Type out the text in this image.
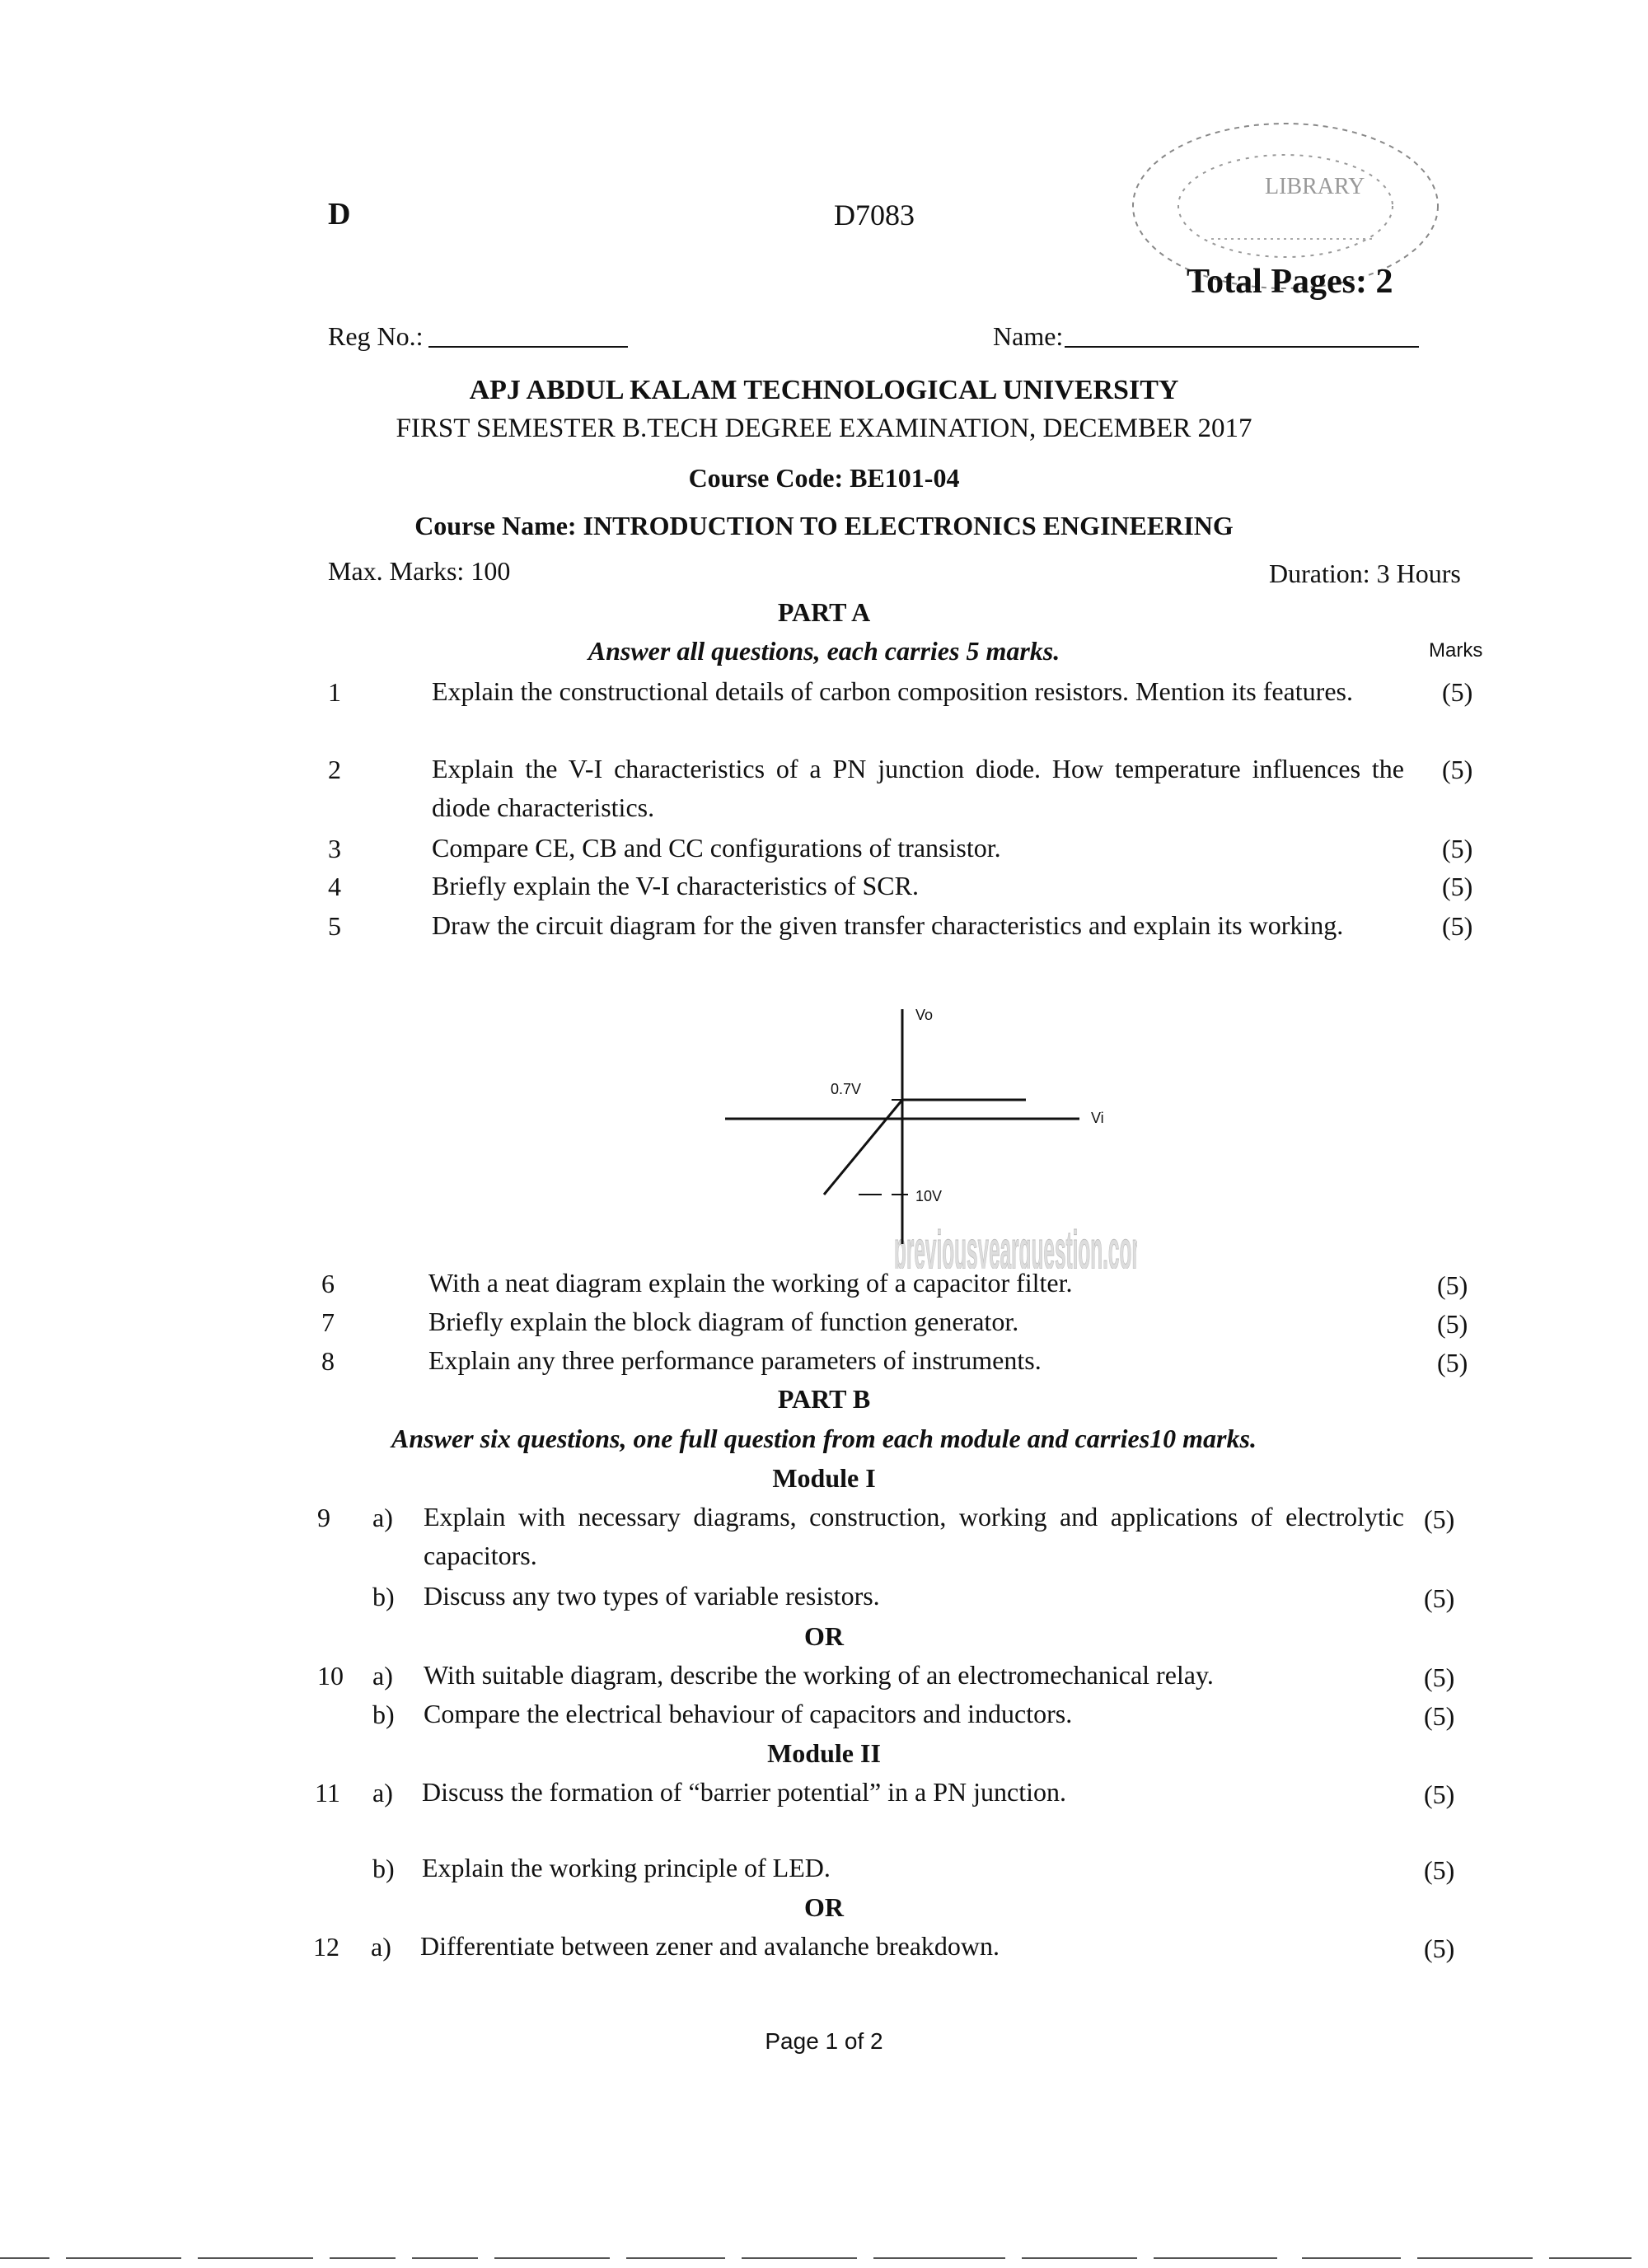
D	D7083
LIBRARY
Total Pages: 2
Reg No.:	Name:
APJ ABDUL KALAM TECHNOLOGICAL UNIVERSITY
FIRST SEMESTER B.TECH DEGREE EXAMINATION, DECEMBER 2017
Course Code: BE101-04
Course Name: INTRODUCTION TO ELECTRONICS ENGINEERING
Max. Marks: 100	Duration: 3 Hours
PART A
Answer all questions, each carries 5 marks.	Marks
1	Explain the constructional details of carbon composition resistors. Mention its features.	(5)
2	Explain the V-I characteristics of a PN junction diode. How temperature influences the diode characteristics.
(5)
3	Compare CE, CB and CC configurations of transistor.	(5)
4	Briefly explain the V-I characteristics of SCR.	(5)
5	Draw the circuit diagram for the given transfer characteristics and explain its working.	(5)
previousyearquestion.com
Vo
Vi
0.7V
10V
6	With a neat diagram explain the working of a capacitor filter.	(5)
7	Briefly explain the block diagram of function generator.	(5)
8	Explain any three performance parameters of instruments.	(5)
PART B
Answer six questions, one full question from each module and carries10 marks.
Module I
9 a) Explain with necessary diagrams, construction, working and applications of electrolytic capacitors.
(5)
b) Discuss any two types of variable resistors.	(5)
OR
10 a) With suitable diagram, describe the working of an electromechanical relay.	(5)
b) Compare the electrical behaviour of capacitors and inductors.	(5)
Module II
11 a) Discuss the formation of “barrier potential” in a PN junction.	(5)
b) Explain the working principle of LED.	(5)
OR
12 a) Differentiate between zener and avalanche breakdown.	(5)
Page 1 of 2
